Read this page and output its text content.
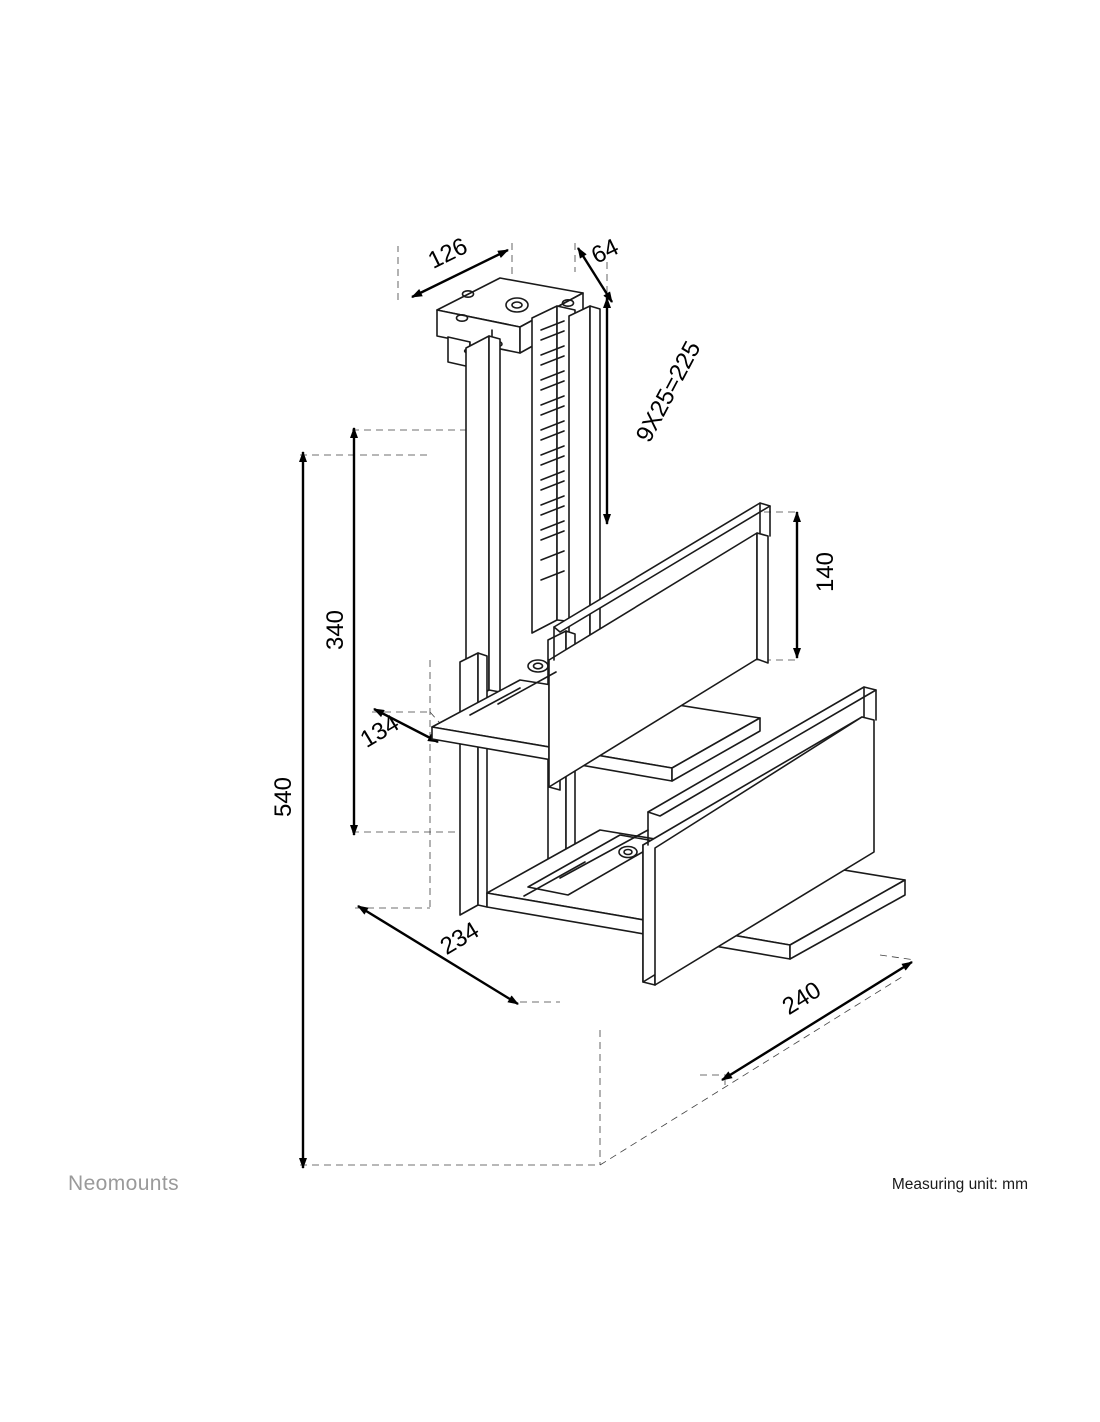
126	64
9X25=225
540
340
140
134
234
240
Neomounts	Measuring unit: mm
